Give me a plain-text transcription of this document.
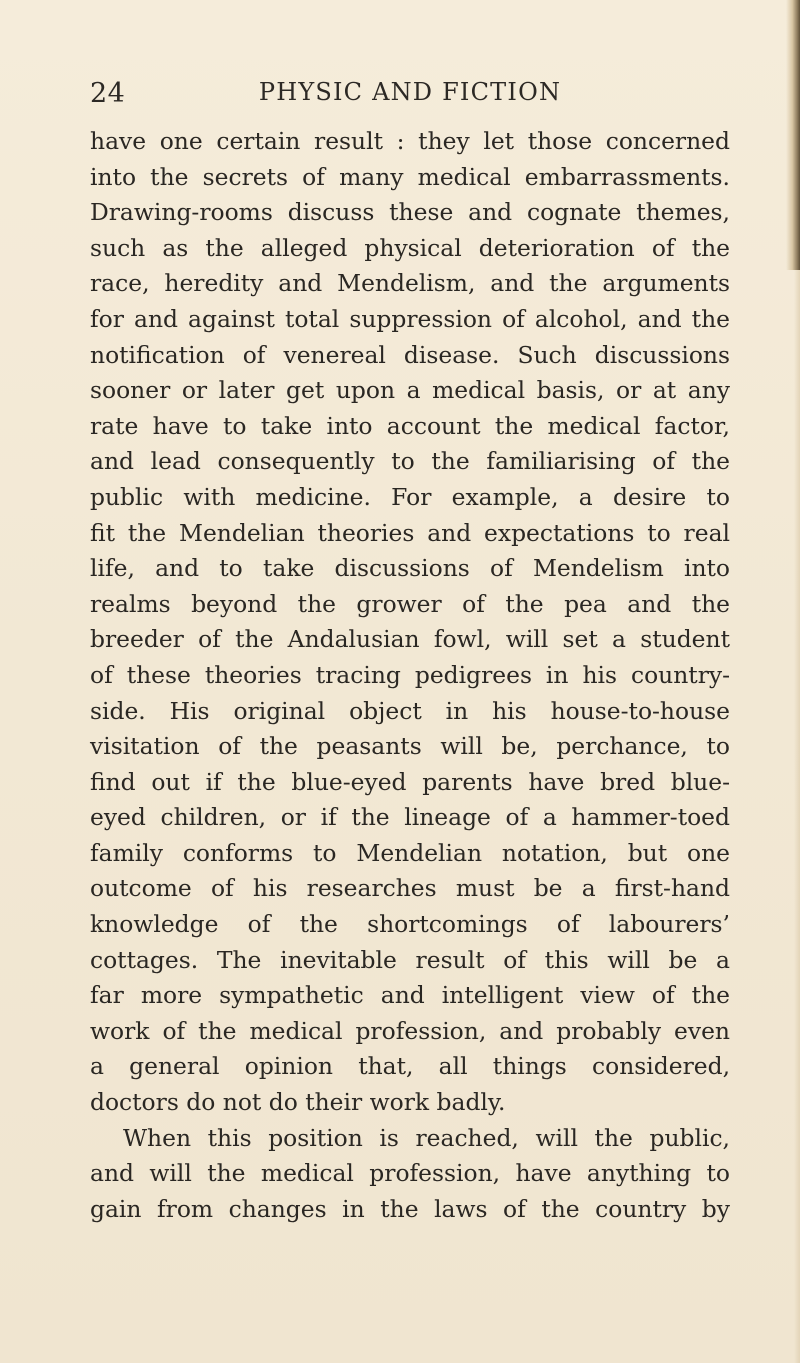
24	PHYSIC AND FICTION
have one certain result : they let those concerned
into the secrets of many medical embarrassments.
Drawing-rooms discuss these and cognate themes,
such as the alleged physical deterioration of the
race, heredity and Mendelism, and the arguments
for and against total suppression of alcohol, and the
notification of venereal disease. Such discussions
sooner or later get upon a medical basis, or at any
rate have to take into account the medical factor,
and lead consequently to the familiarising of the
public with medicine. For example, a desire to
fit the Mendelian theories and expectations to real
life, and to take discussions of Mendelism into
realms beyond the grower of the pea and the
breeder of the Andalusian fowl, will set a student
of these theories tracing pedigrees in his country-
side. His original object in his house-to-house
visitation of the peasants will be, perchance, to
find out if the blue-eyed parents have bred blue-
eyed children, or if the lineage of a hammer-toed
family conforms to Mendelian notation, but one
outcome of his researches must be a first-hand
knowledge of the shortcomings of labourers’
cottages. The inevitable result of this will be a
far more sympathetic and intelligent view of the
work of the medical profession, and probably even
a general opinion that, all things considered,
doctors do not do their work badly.
When this position is reached, will the public,
and will the medical profession, have anything to
gain from changes in the laws of the country by
